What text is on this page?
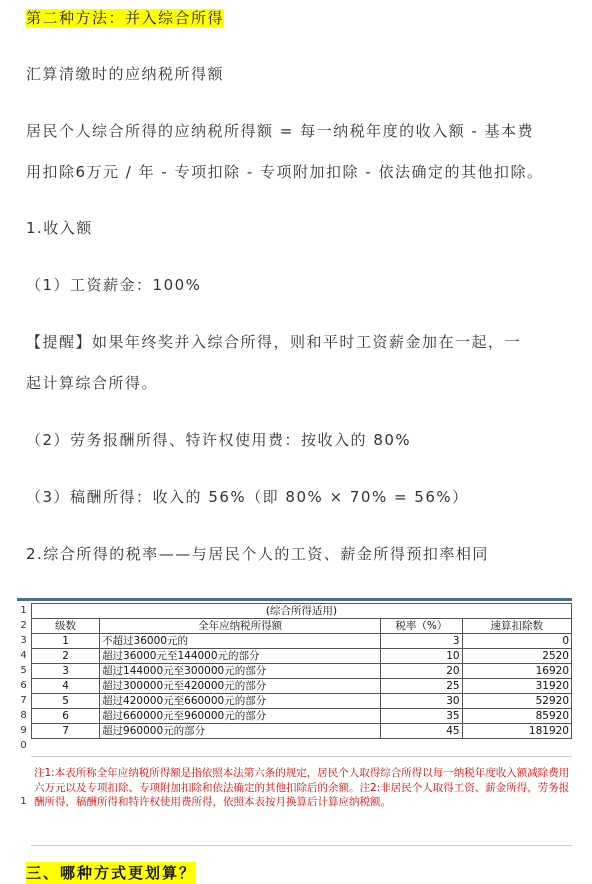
第二种方法：并入综合所得
汇算清缴时的应纳税所得额
居民个人综合所得的应纳税所得额 = 每一纳税年度的收入额 - 基本费
用扣除6万元 / 年 - 专项扣除 - 专项附加扣除 - 依法确定的其他扣除。
1.收入额
（1）工资薪金：100%
【提醒】如果年终奖并入综合所得，则和平时工资薪金加在一起，一
起计算综合所得。
（2）劳务报酬所得、特许权使用费：按收入的 80%
（3）稿酬所得：收入的 56%（即 80% × 70% = 56%）
2.综合所得的税率——与居民个人的工资、薪金所得预扣率相同
1
2
3
4
5
6
7
8
9
0
1
(综合所得适用)			
级数	全年应纳税所得额	税率（%）	速算扣除数
1	不超过36000元的	3	0
2	超过36000元至144000元的部分	10	2520
3	超过144000元至300000元的部分	20	16920
4	超过300000元至420000元的部分	25	31920
5	超过420000元至660000元的部分	30	52920
6	超过660000元至960000元的部分	35	85920
7	超过960000元的部分	45	181920
注1:本表所称全年应纳税所得额是指依照本法第六条的规定，居民个人取得综合所得以每一纳税年度收入额减除费用六万元以及专项扣除、专项附加扣除和依法确定的其他扣除后的余额。注2:非居民个人取得工资、薪金所得，劳务报酬所得，稿酬所得和特许权使用费所得，依照本表按月换算后计算应纳税额。
三、哪种方式更划算？
